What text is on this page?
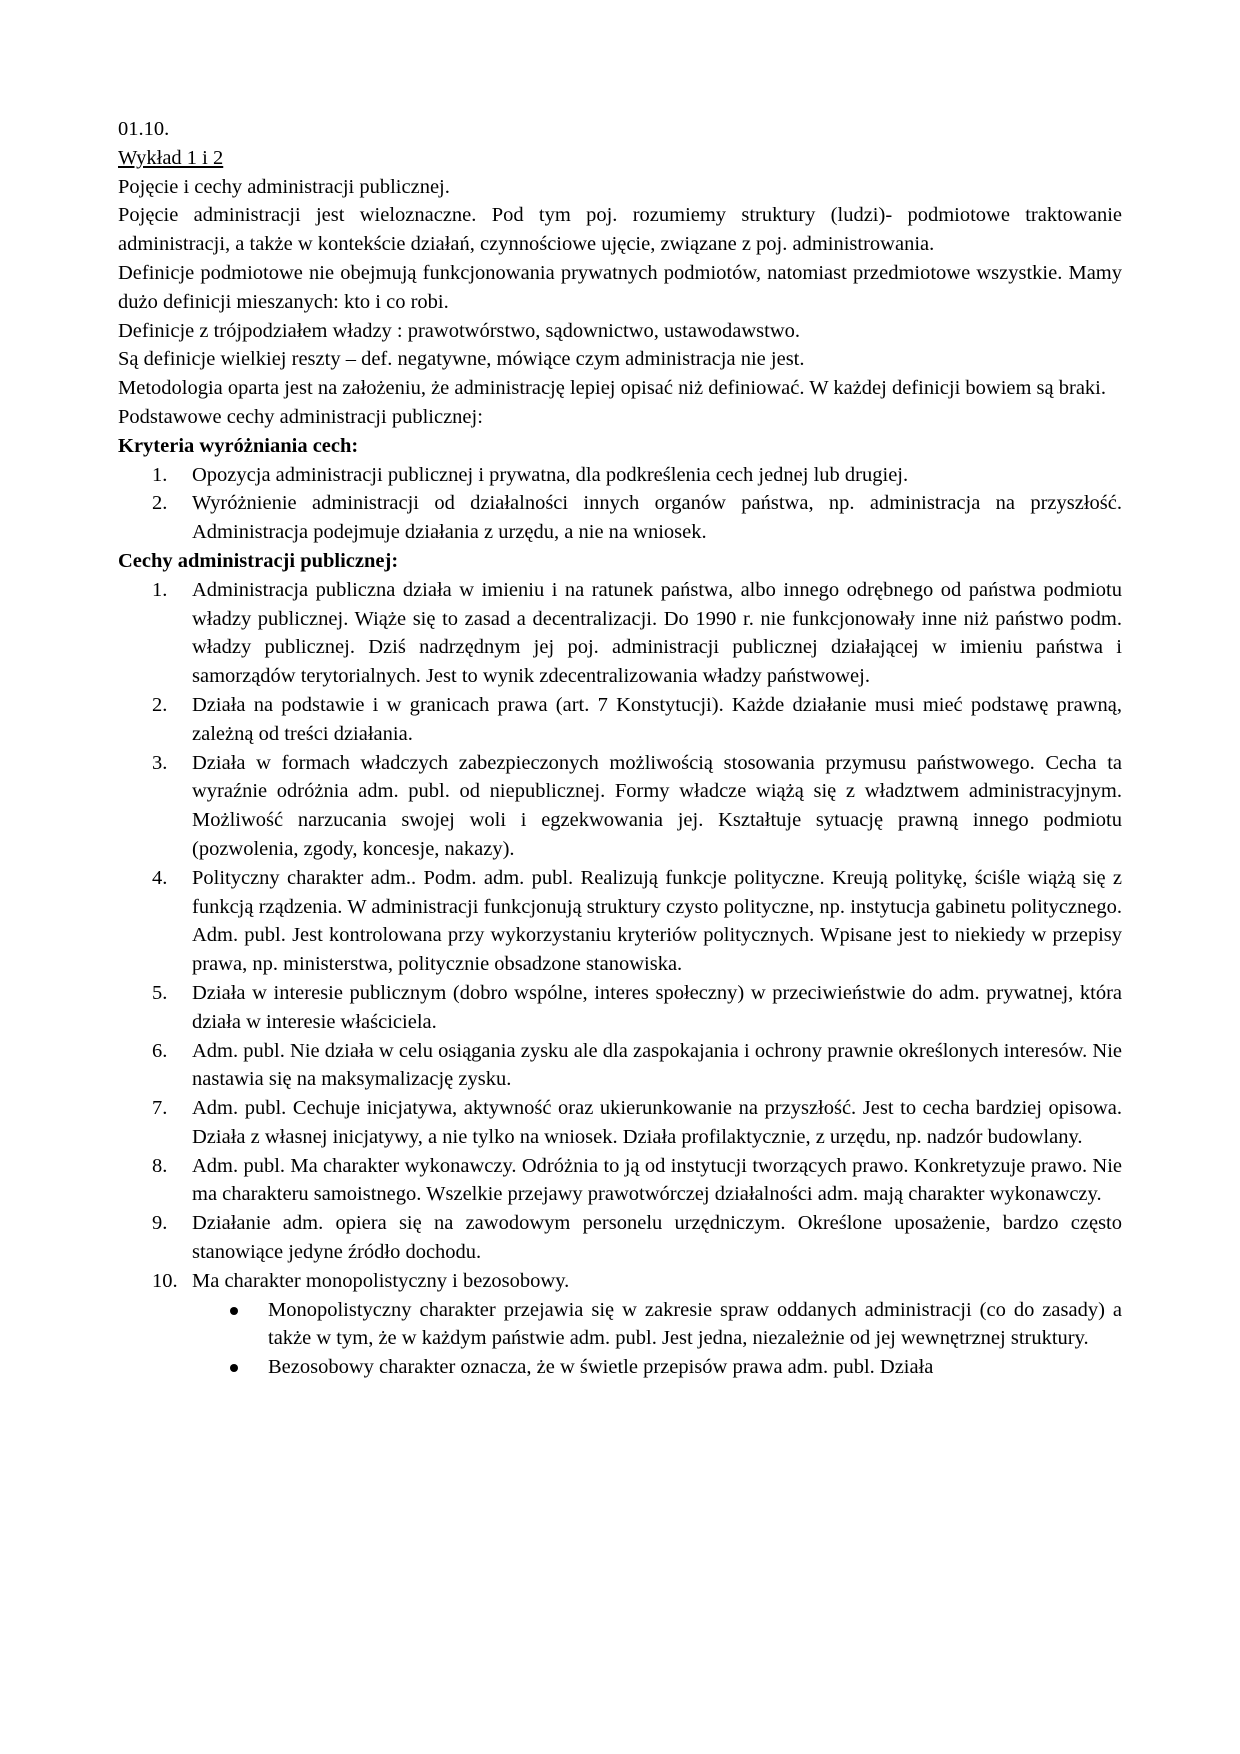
01.10.

Wykład 1 i 2

Pojęcie i cechy administracji publicznej.

Pojęcie administracji jest wieloznaczne. Pod tym poj. rozumiemy struktury (ludzi)- podmiotowe traktowanie administracji, a także w kontekście działań, czynnościowe ujęcie, związane z poj. administrowania.

Definicje podmiotowe nie obejmują funkcjonowania prywatnych podmiotów, natomiast przedmiotowe wszystkie. Mamy dużo definicji mieszanych: kto i co robi.

Definicje z trójpodziałem władzy : prawotwórstwo, sądownictwo, ustawodawstwo.

Są definicje wielkiej reszty – def. negatywne, mówiące czym administracja nie jest.

Metodologia oparta jest na założeniu, że administrację lepiej opisać niż definiować. W każdej definicji bowiem są braki.

Podstawowe cechy administracji publicznej:

Kryteria wyróżniania cech:

1. Opozycja administracji publicznej i prywatna, dla podkreślenia cech jednej lub drugiej.
2. Wyróżnienie administracji od działalności innych organów państwa, np. administracja na przyszłość. Administracja podejmuje działania z urzędu, a nie na wniosek.

Cechy administracji publicznej:

1. Administracja publiczna działa w imieniu i na ratunek państwa, albo innego odrębnego od państwa podmiotu władzy publicznej. Wiąże się to zasad a decentralizacji. Do 1990 r. nie funkcjonowały inne niż państwo podm. władzy publicznej. Dziś nadrzędnym jej poj. administracji publicznej działającej w imieniu państwa i samorządów terytorialnych. Jest to wynik zdecentralizowania władzy państwowej.
2. Działa na podstawie i w granicach prawa (art. 7 Konstytucji). Każde działanie musi mieć podstawę prawną, zależną od treści działania.
3. Działa w formach władczych zabezpieczonych możliwością stosowania przymusu państwowego. Cecha ta wyraźnie odróżnia adm. publ. od niepublicznej. Formy władcze wiążą się z władztwem administracyjnym. Możliwość narzucania swojej woli i egzekwowania jej. Kształtuje sytuację prawną innego podmiotu (pozwolenia, zgody, koncesje, nakazy).
4. Polityczny charakter adm.. Podm. adm. publ. Realizują funkcje polityczne. Kreują politykę, ściśle wiążą się z funkcją rządzenia. W administracji funkcjonują struktury czysto polityczne, np. instytucja gabinetu politycznego. Adm. publ. Jest kontrolowana przy wykorzystaniu kryteriów politycznych. Wpisane jest to niekiedy w przepisy prawa, np. ministerstwa, politycznie obsadzone stanowiska.
5. Działa w interesie publicznym (dobro wspólne, interes społeczny) w przeciwieństwie do adm. prywatnej, która działa w interesie właściciela.
6. Adm. publ. Nie działa w celu osiągania zysku ale dla zaspokajania i ochrony prawnie określonych interesów. Nie nastawia się na maksymalizację zysku.
7. Adm. publ. Cechuje inicjatywa, aktywność oraz ukierunkowanie na przyszłość. Jest to cecha bardziej opisowa. Działa z własnej inicjatywy, a nie tylko na wniosek. Działa profilaktycznie, z urzędu, np. nadzór budowlany.
8. Adm. publ. Ma charakter wykonawczy. Odróżnia to ją od instytucji tworzących prawo. Konkretyzuje prawo. Nie ma charakteru samoistnego. Wszelkie przejawy prawotwórczej działalności adm. mają charakter wykonawczy.
9. Działanie adm. opiera się na zawodowym personelu urzędniczym. Określone uposażenie, bardzo często stanowiące jedyne źródło dochodu.
10. Ma charakter monopolistyczny i bezosobowy.
Monopolistyczny charakter przejawia się w zakresie spraw oddanych administracji (co do zasady) a także w tym, że w każdym państwie adm. publ. Jest jedna, niezależnie od jej wewnętrznej struktury.
Bezosobowy charakter oznacza, że w świetle przepisów prawa adm. publ. Działa
